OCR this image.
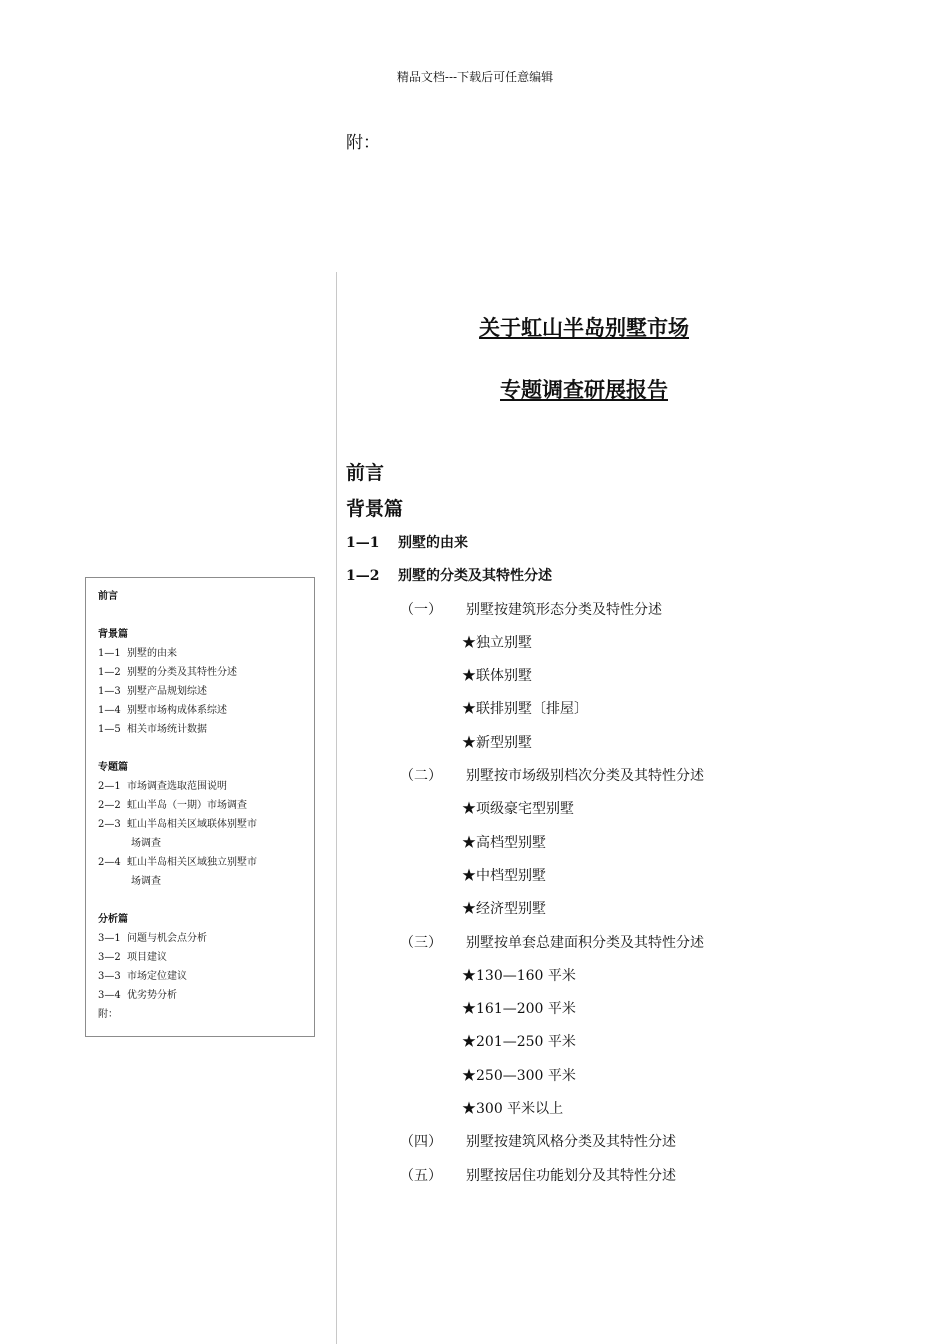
精品文档---下载后可任意编辑
附：
关于虹山半岛别墅市场
专题调查研展报告
前言
背景篇
1—1 别墅的由来
1—2 别墅的分类及其特性分述
（一） 别墅按建筑形态分类及特性分述
★独立别墅
★联体别墅
★联排别墅〔排屋〕
★新型别墅
（二） 别墅按市场级别档次分类及其特性分述
★项级豪宅型别墅
★高档型别墅
★中档型别墅
★经济型别墅
（三） 别墅按单套总建面积分类及其特性分述
★130—160 平米
★161—200 平米
★201—250 平米
★250—300 平米
★300 平米以上
（四） 别墅按建筑风格分类及其特性分述
（五） 别墅按居住功能划分及其特性分述
前言
背景篇
1—1 别墅的由来
1—2 别墅的分类及其特性分述
1—3 别墅产品规划综述
1—4 别墅市场构成体系综述
1—5 相关市场统计数据
专题篇
2—1 市场调查选取范围说明
2—2 虹山半岛（一期）市场调查
2—3 虹山半岛相关区域联体别墅市
场调查
2—4 虹山半岛相关区域独立别墅市
场调查
分析篇
3—1 问题与机会点分析
3—2 项目建议
3—3 市场定位建议
3—4 优劣势分析
附：
